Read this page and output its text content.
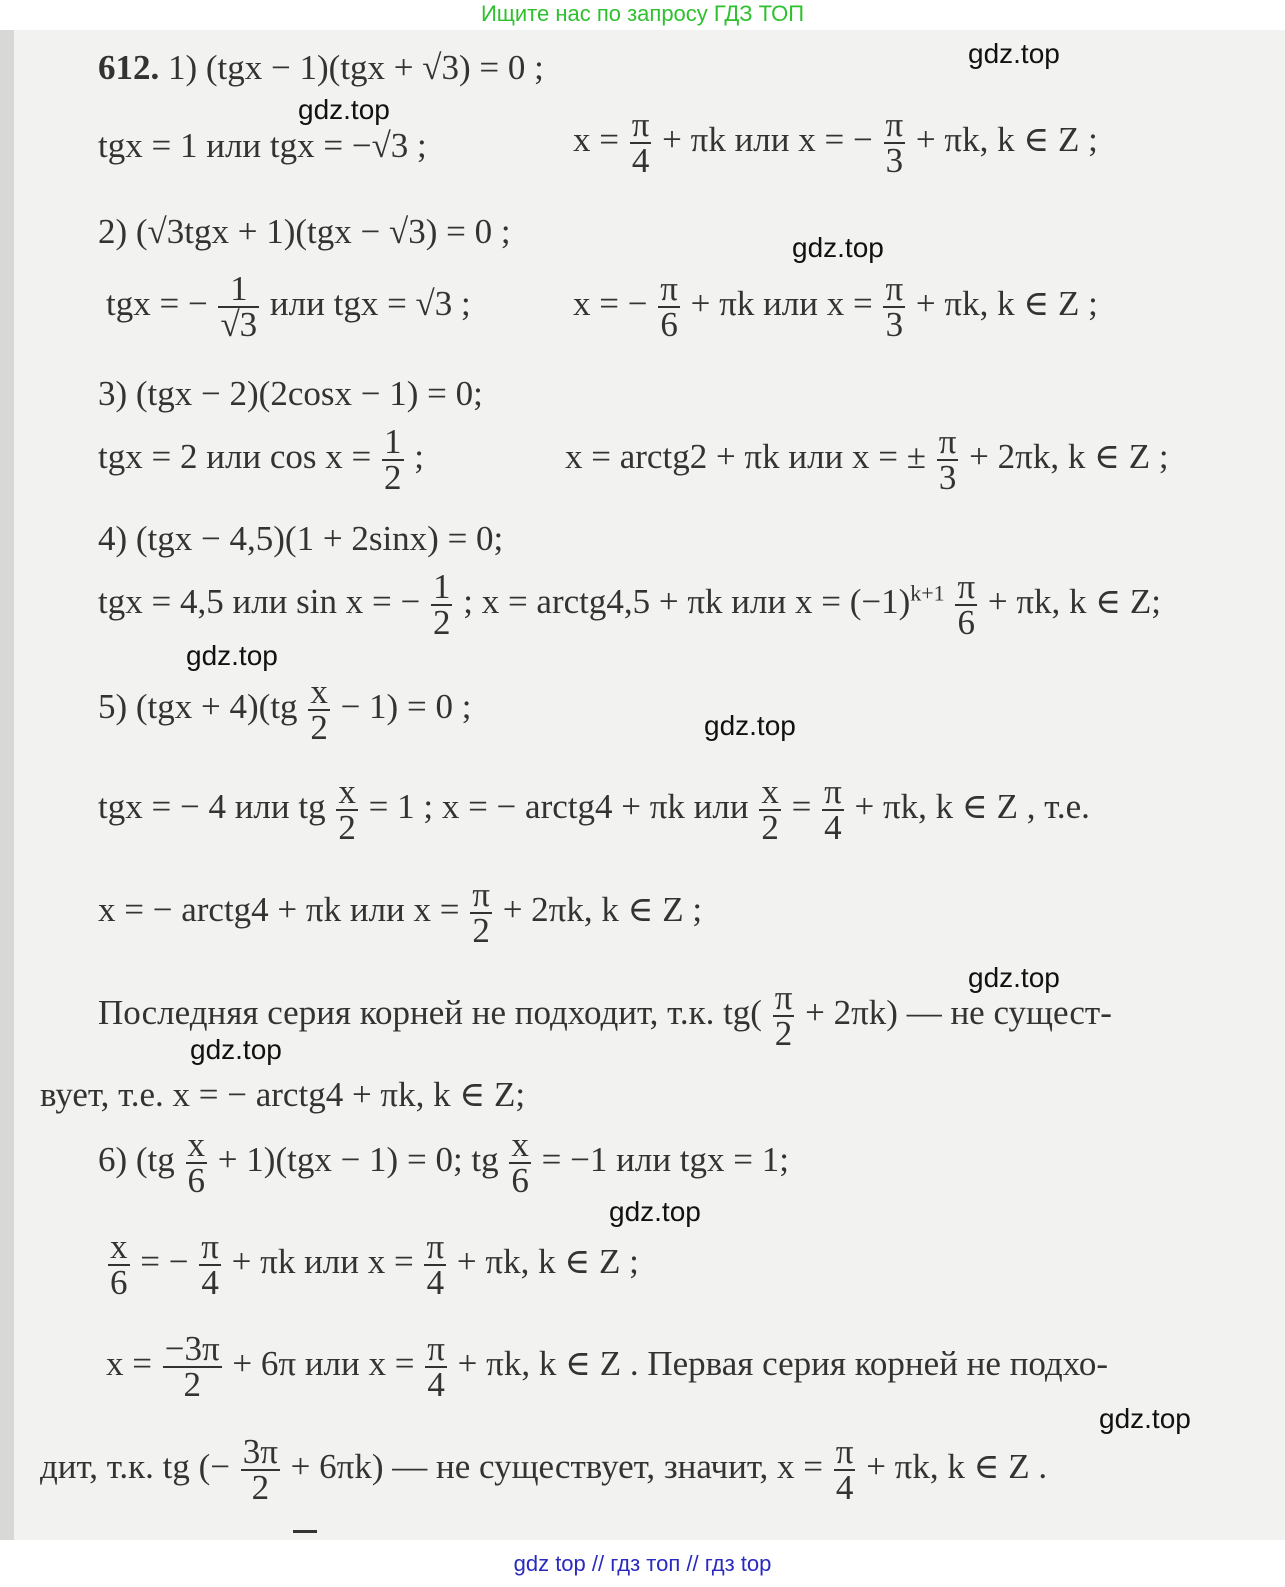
Ищите нас по запросу ГДЗ ТОП
612. 1) (tgx − 1)(tgx + √3) = 0 ;
tgx = 1 или tgx = −√3 ;	$x = \frac{\pi}{4} + \pi k$ или x = − $\frac{\pi}{3} + \pi k$, k ∈ Z ;
2) (√3tgx + 1)(tgx − √3) = 0 ;
tgx = − $\frac{1}{√3}$ или tgx = √3 ;	x = − $\frac{\pi}{6} + \pi k$ или $x = \frac{\pi}{3} + \pi k$, k ∈ Z ;
3) (tgx − 2)(2cosx − 1) = 0;
tgx = 2 или $\cos x = \frac{1}{2}$ ;	x = arctg2 + πk или x = ± $\frac{\pi}{3} + 2\pi k$, k ∈ Z ;
4) (tgx − 4,5)(1 + 2sinx) = 0;
tgx = 4,5 или sin x = − $\frac{1}{2}$ ; x = arctg4,5 + πk или $x = (-1)^{k+1} \frac{\pi}{6} + \pi k$, k ∈ Z;
5) $(tgx + 4)(tg \frac{x}{2} - 1) = 0$ ;
tgx = − 4 или tg $\frac{x}{2} = 1$ ; x = − arctg4 + πk или $\frac{x}{2} = \frac{\pi}{4} + \pi k$, k ∈ Z , т.е.
x = − arctg4 + πk или $x = \frac{\pi}{2} + 2\pi k$, k ∈ Z ;
Последняя серия корней не подходит, т.к. $tg( \frac{\pi}{2} + 2\pi k)$ — не сущест-
вует, т.е. x = − arctg4 + πk, k ∈ Z;
6) $(tg \frac{x}{6} + 1)(tgx - 1) = 0$; tg $\frac{x}{6} = -1$ или tgx = 1;
$\frac{x}{6}$ = − $\frac{\pi}{4} + \pi k$ или $x = \frac{\pi}{4} + \pi k$, k ∈ Z ;
$x = \frac{-3\pi}{2} + 6\pi$ или $x = \frac{\pi}{4} + \pi k$, k ∈ Z . Первая серия корней не подхо-
дит, т.к. tg (− $\frac{3\pi}{2} + 6\pi k$) — не существует, значит, $x = \frac{\pi}{4} + \pi k$, k ∈ Z .
gdz.top
gdz.top
gdz.top
gdz.top
gdz.top
gdz.top
gdz.top
gdz.top
gdz.top
gdz top // гдз топ // гдз top
